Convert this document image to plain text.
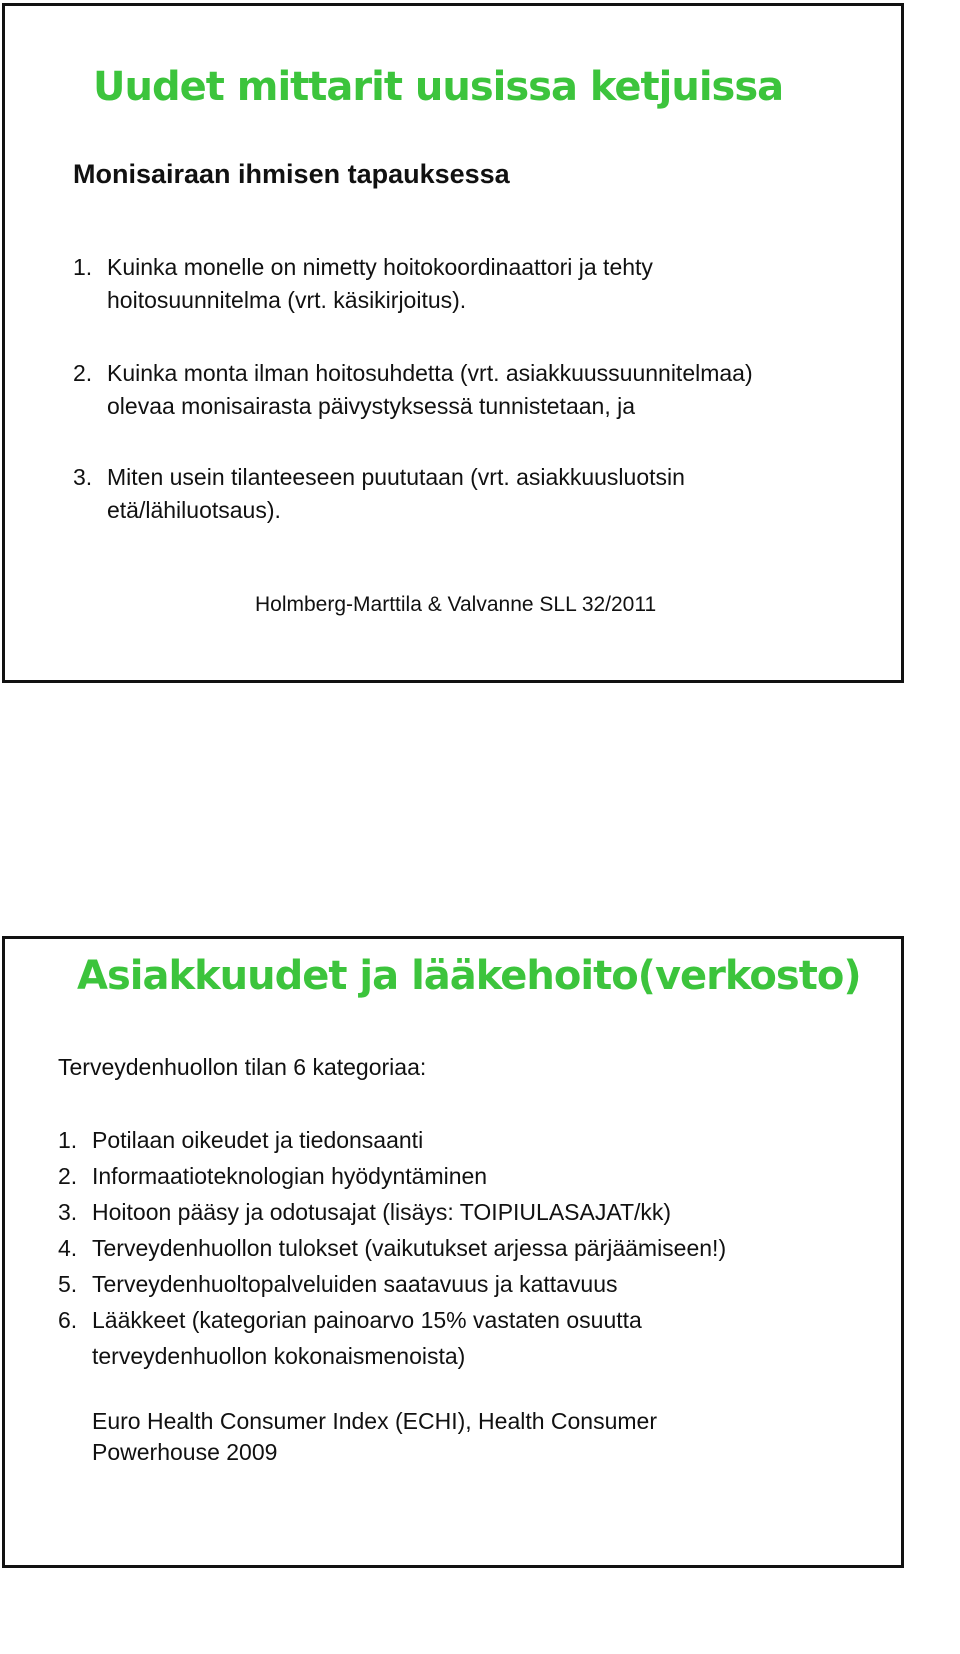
Uudet mittarit uusissa ketjuissa
Monisairaan ihmisen tapauksessa
1. Kuinka monelle on nimetty hoitokoordinaattori ja tehty
hoitosuunnitelma (vrt. käsikirjoitus).
2. Kuinka monta ilman hoitosuhdetta (vrt. asiakkuussuunnitelmaa)
olevaa monisairasta päivystyksessä tunnistetaan, ja
3. Miten usein tilanteeseen puututaan (vrt. asiakkuusluotsin
etä/lähiluotsaus).
Holmberg-Marttila & Valvanne SLL 32/2011
Asiakkuudet ja lääkehoito(verkosto)
Terveydenhuollon tilan 6 kategoriaa:
1. Potilaan oikeudet ja tiedonsaanti
2. Informaatioteknologian hyödyntäminen
3. Hoitoon pääsy ja odotusajat (lisäys: TOIPIULASAJAT/kk)
4. Terveydenhuollon tulokset (vaikutukset arjessa pärjäämiseen!)
5. Terveydenhuoltopalveluiden saatavuus ja kattavuus
6. Lääkkeet (kategorian painoarvo 15% vastaten osuutta
terveydenhuollon kokonaismenoista)
Euro Health Consumer Index (ECHI), Health Consumer
Powerhouse 2009
